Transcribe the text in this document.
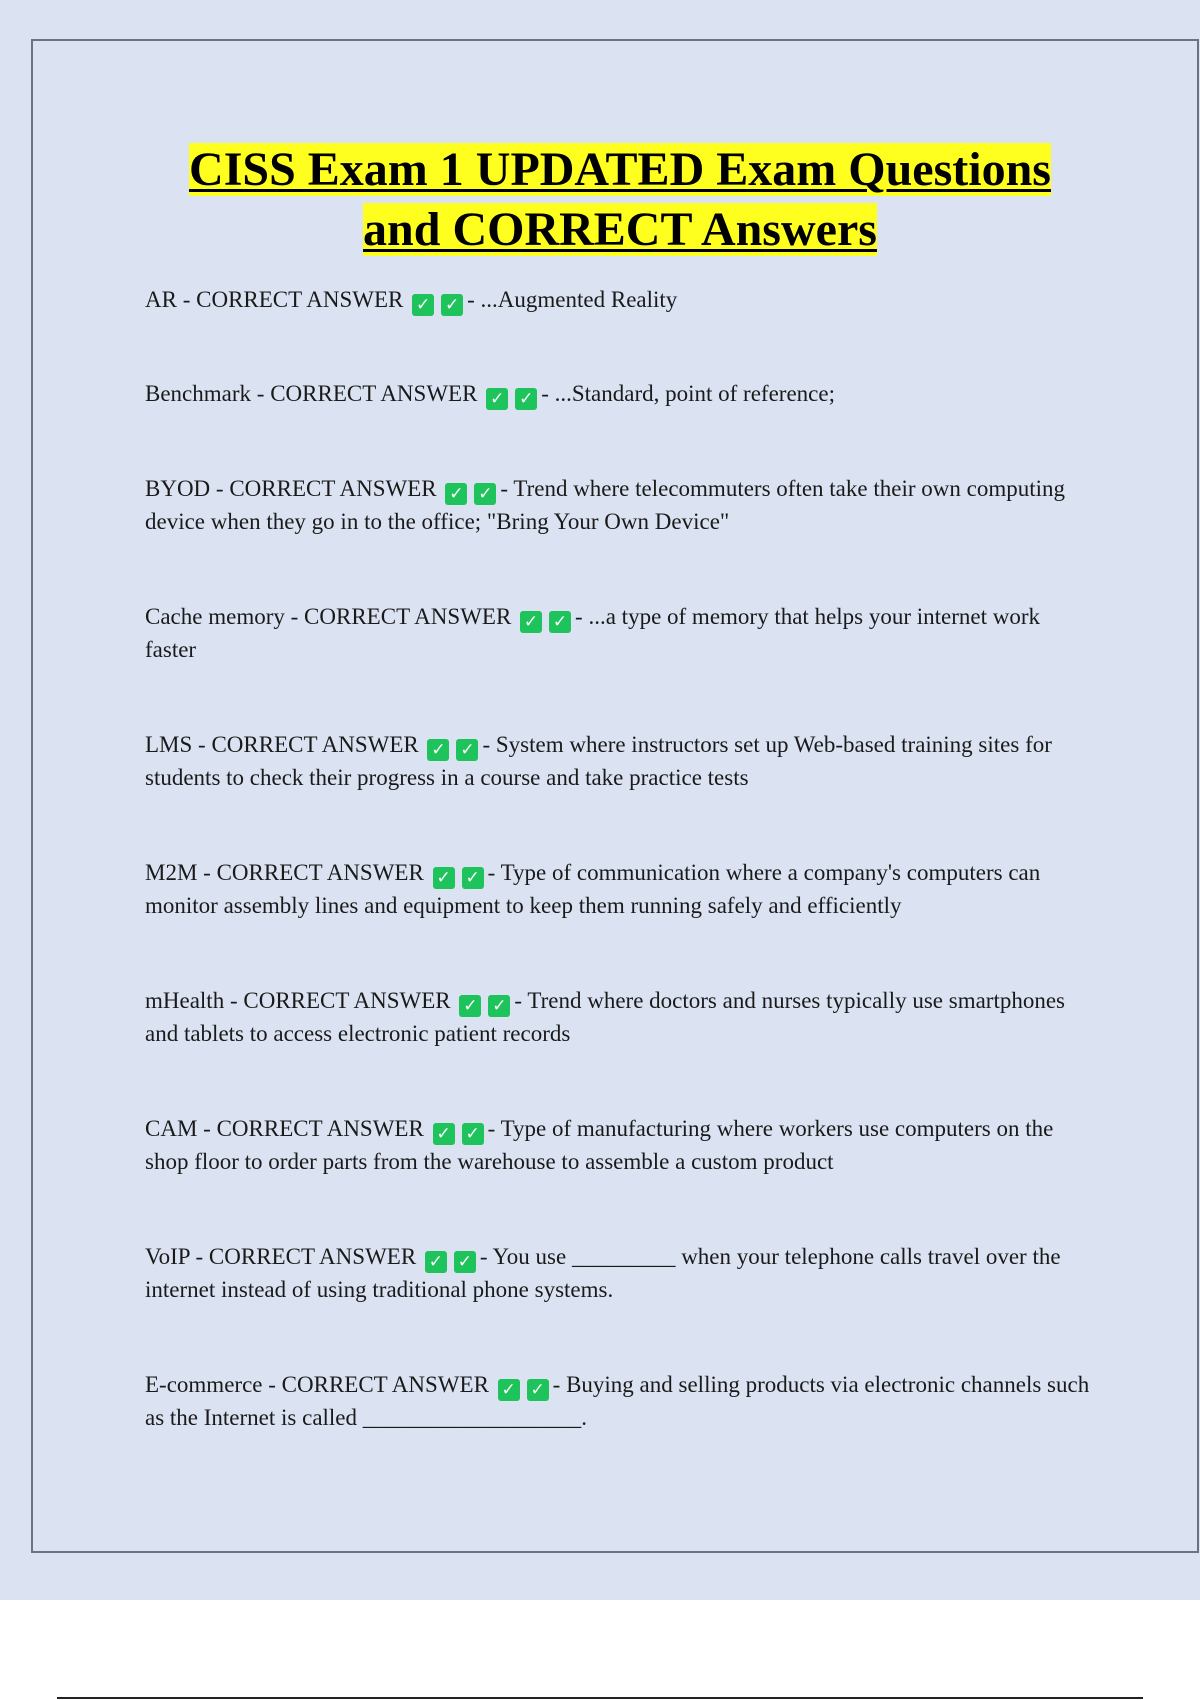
CISS Exam 1 UPDATED Exam Questions
and CORRECT Answers
AR - CORRECT ANSWER ✓ ✓ - ...Augmented Reality
Benchmark - CORRECT ANSWER ✓ ✓ - ...Standard, point of reference;
BYOD - CORRECT ANSWER ✓ ✓ - Trend where telecommuters often take their own computing device when they go in to the office; "Bring Your Own Device"
Cache memory - CORRECT ANSWER ✓ ✓ - ...a type of memory that helps your internet work faster
LMS - CORRECT ANSWER ✓ ✓ - System where instructors set up Web-based training sites for students to check their progress in a course and take practice tests
M2M - CORRECT ANSWER ✓ ✓ - Type of communication where a company's computers can monitor assembly lines and equipment to keep them running safely and efficiently
mHealth - CORRECT ANSWER ✓ ✓ - Trend where doctors and nurses typically use smartphones and tablets to access electronic patient records
CAM - CORRECT ANSWER ✓ ✓ - Type of manufacturing where workers use computers on the shop floor to order parts from the warehouse to assemble a custom product
VoIP - CORRECT ANSWER ✓ ✓ - You use _________ when your telephone calls travel over the internet instead of using traditional phone systems.
E-commerce - CORRECT ANSWER ✓ ✓ - Buying and selling products via electronic channels such as the Internet is called ___________________.
